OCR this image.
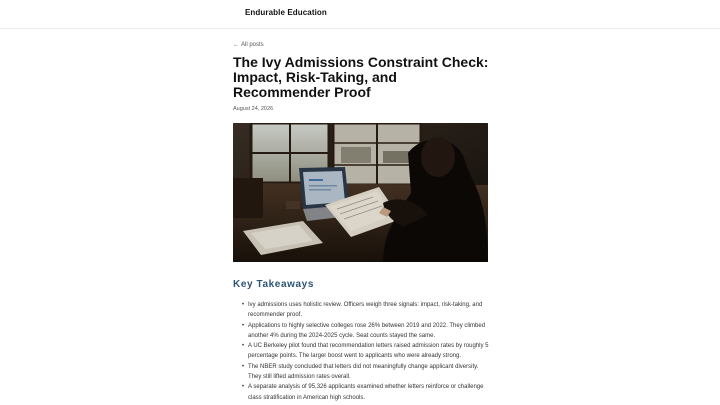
Endurable Education
← All posts
The Ivy Admissions Constraint Check: Impact, Risk-Taking, and Recommender Proof
August 24, 2026
Key Takeaways
• Ivy admissions uses holistic review. Officers weigh three signals: impact, risk-taking, and recommender proof.
• Applications to highly selective colleges rose 26% between 2019 and 2022. They climbed another 4% during the 2024-2025 cycle. Seat counts stayed the same.
• A UC Berkeley pilot found that recommendation letters raised admission rates by roughly 5 percentage points. The larger boost went to applicants who were already strong.
• The NBER study concluded that letters did not meaningfully change applicant diversity. They still lifted admission rates overall.
• A separate analysis of 95,326 applicants examined whether letters reinforce or challenge class stratification in American high schools.
